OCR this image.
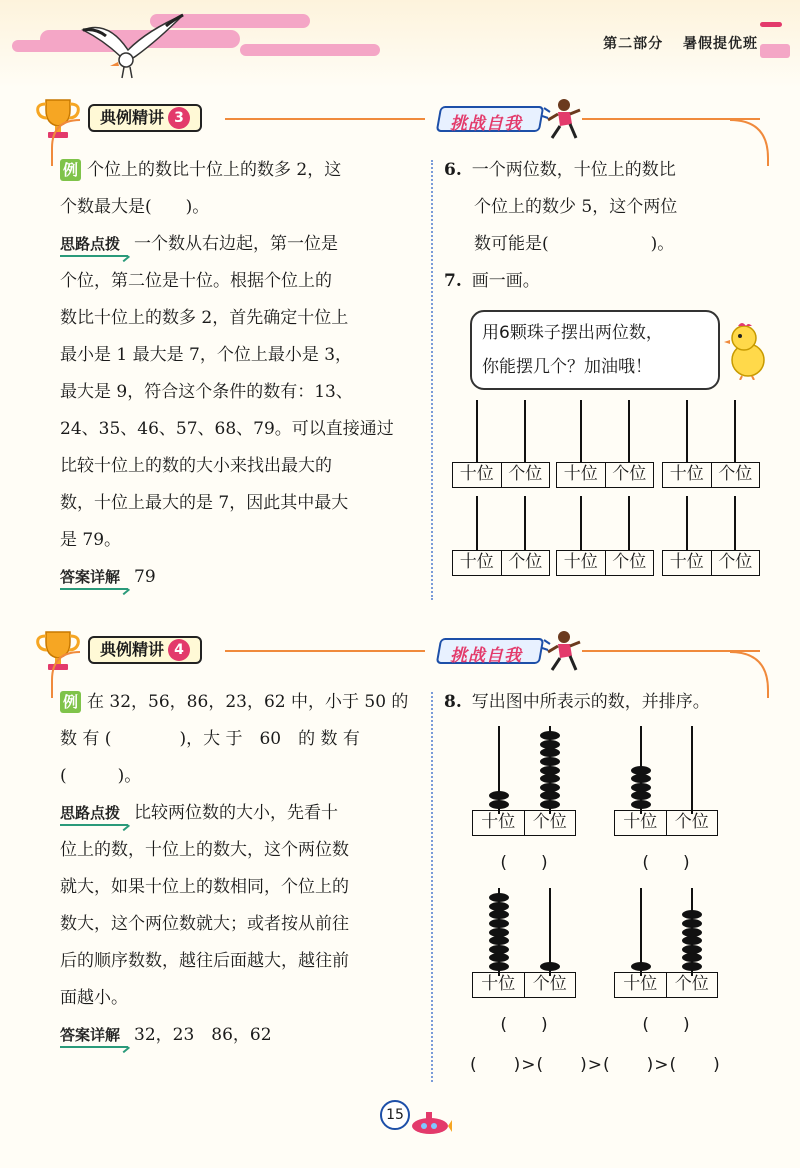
第二部分 暑假提优班
典例精讲 3	挑战自我

例 个位上的数比十位上的数多 2，这

个数最大是(　　)。

思路点拨 一个数从右边起，第一位是

个位，第二位是十位。根据个位上的

数比十位上的数多 2，首先确定十位上

最小是 1 最大是 7，个位上最小是 3，

最大是 9，符合这个条件的数有：13、

24、35、46、57、68、79。可以直接通过

比较十位上的数的大小来找出最大的

数，十位上最大的是 7，因此其中最大

是 79。

答案详解 79

6. 一个两位数，十位上的数比

个位上的数少 5，这个两位

数可能是(　　　　　　)。

7. 画一画。

用6颗珠子摆出两位数，
你能摆几个？加油哦！
十位 个位	十位 个位	十位 个位
十位 个位	十位 个位	十位 个位
典例精讲 4	挑战自我

例 在 32，56，86，23，62 中，小于 50 的

数 有 (　　　　)，大 于　60　的 数 有

(　　　)。

思路点拨 比较两位数的大小，先看十

位上的数，十位上的数大，这个两位数

就大，如果十位上的数相同，个位上的

数大，这个两位数就大；或者按从前往

后的顺序数数，越往后面越大，越往前

面越小。

答案详解 32，23　86，62

8. 写出图中所表示的数，并排序。

十位	个位
(　　)
十位	个位
(　　)
十位	个位
(　　)
十位	个位
(　　)
(　　)>(　　)>(　　)>(　　)
15
